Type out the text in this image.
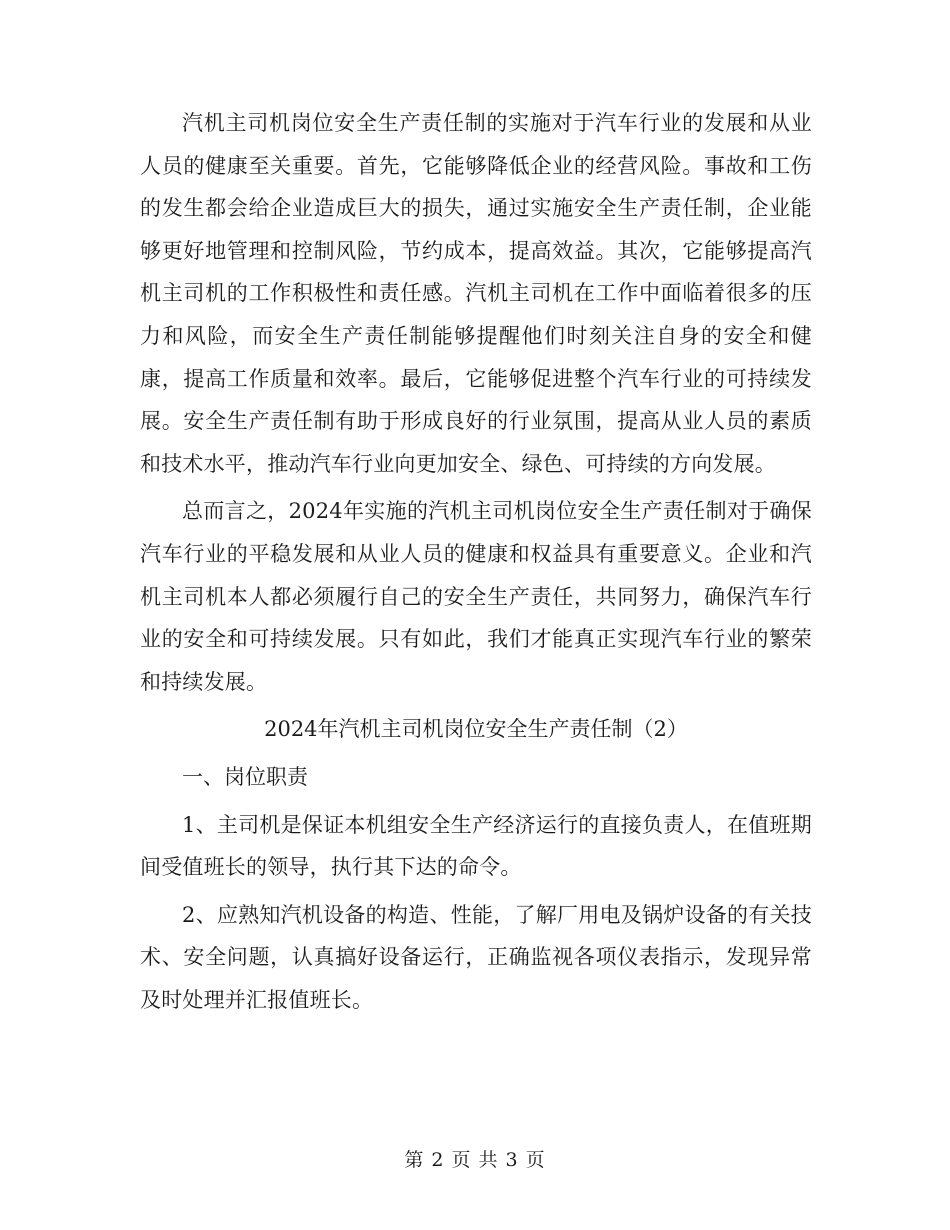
汽机主司机岗位安全生产责任制的实施对于汽车行业的发展和从业人员的健康至关重要。首先，它能够降低企业的经营风险。事故和工伤的发生都会给企业造成巨大的损失，通过实施安全生产责任制，企业能够更好地管理和控制风险，节约成本，提高效益。其次，它能够提高汽机主司机的工作积极性和责任感。汽机主司机在工作中面临着很多的压力和风险，而安全生产责任制能够提醒他们时刻关注自身的安全和健康，提高工作质量和效率。最后，它能够促进整个汽车行业的可持续发展。安全生产责任制有助于形成良好的行业氛围，提高从业人员的素质和技术水平，推动汽车行业向更加安全、绿色、可持续的方向发展。

总而言之，2024年实施的汽机主司机岗位安全生产责任制对于确保汽车行业的平稳发展和从业人员的健康和权益具有重要意义。企业和汽机主司机本人都必须履行自己的安全生产责任，共同努力，确保汽车行业的安全和可持续发展。只有如此，我们才能真正实现汽车行业的繁荣和持续发展。

2024年汽机主司机岗位安全生产责任制（2）

一、岗位职责

1、主司机是保证本机组安全生产经济运行的直接负责人，在值班期间受值班长的领导，执行其下达的命令。

2、应熟知汽机设备的构造、性能，了解厂用电及锅炉设备的有关技术、安全问题，认真搞好设备运行，正确监视各项仪表指示，发现异常及时处理并汇报值班长。

第 2 页 共 3 页
